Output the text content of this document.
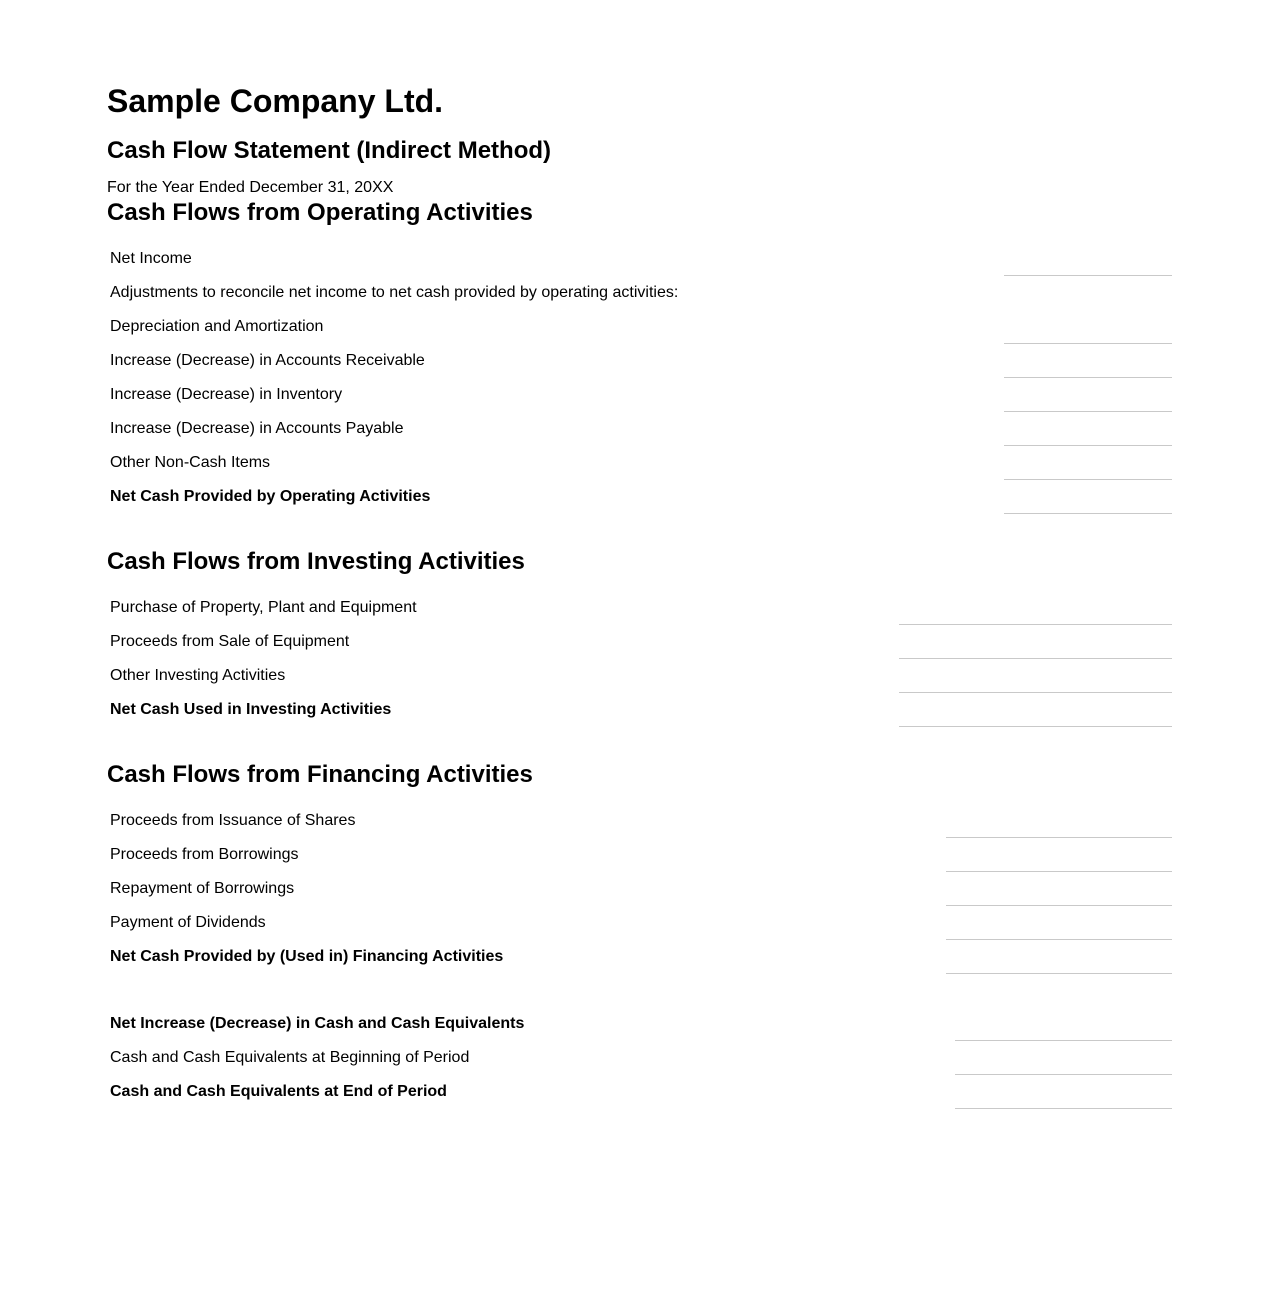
Sample Company Ltd.
Cash Flow Statement (Indirect Method)
For the Year Ended December 31, 20XX
Cash Flows from Operating Activities
Net Income
Adjustments to reconcile net income to net cash provided by operating activities:
Depreciation and Amortization
Increase (Decrease) in Accounts Receivable
Increase (Decrease) in Inventory
Increase (Decrease) in Accounts Payable
Other Non-Cash Items
Net Cash Provided by Operating Activities
Cash Flows from Investing Activities
Purchase of Property, Plant and Equipment
Proceeds from Sale of Equipment
Other Investing Activities
Net Cash Used in Investing Activities
Cash Flows from Financing Activities
Proceeds from Issuance of Shares
Proceeds from Borrowings
Repayment of Borrowings
Payment of Dividends
Net Cash Provided by (Used in) Financing Activities
Net Increase (Decrease) in Cash and Cash Equivalents
Cash and Cash Equivalents at Beginning of Period
Cash and Cash Equivalents at End of Period
